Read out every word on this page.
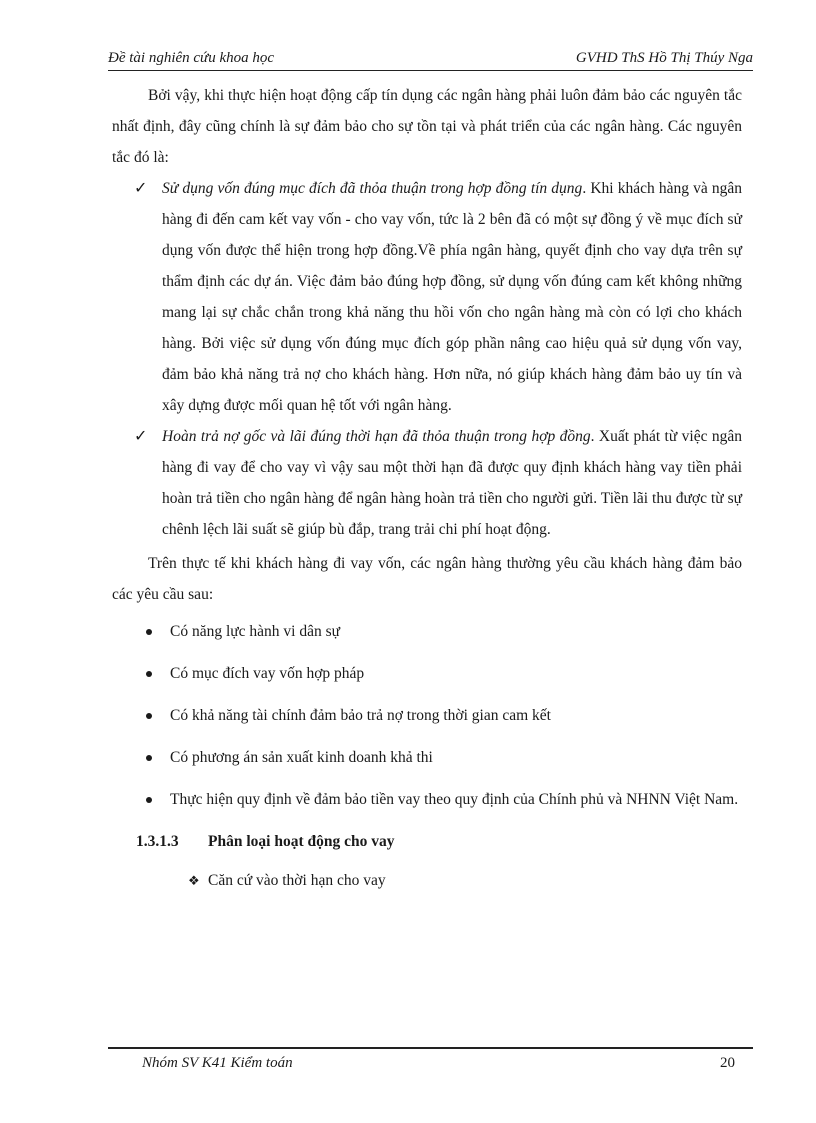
Đề tài nghiên cứu khoa học	GVHD ThS Hồ Thị Thúy Nga

Bởi vậy, khi thực hiện hoạt động cấp tín dụng các ngân hàng phải luôn đảm bảo các nguyên tắc nhất định, đây cũng chính là sự đảm bảo cho sự tồn tại và phát triển của các ngân hàng. Các nguyên tắc đó là:

✓ Sử dụng vốn đúng mục đích đã thỏa thuận trong hợp đồng tín dụng. Khi khách hàng và ngân hàng đi đến cam kết vay vốn - cho vay vốn, tức là 2 bên đã có một sự đồng ý về mục đích sử dụng vốn được thể hiện trong hợp đồng.Về phía ngân hàng, quyết định cho vay dựa trên sự thẩm định các dự án. Việc đảm bảo đúng hợp đồng, sử dụng vốn đúng cam kết không những mang lại sự chắc chắn trong khả năng thu hồi vốn cho ngân hàng mà còn có lợi cho khách hàng. Bởi việc sử dụng vốn đúng mục đích góp phần nâng cao hiệu quả sử dụng vốn vay, đảm bảo khả năng trả nợ cho khách hàng. Hơn nữa, nó giúp khách hàng đảm bảo uy tín và xây dựng được mối quan hệ tốt với ngân hàng.
✓ Hoàn trả nợ gốc và lãi đúng thời hạn đã thỏa thuận trong hợp đồng. Xuất phát từ việc ngân hàng đi vay để cho vay vì vậy sau một thời hạn đã được quy định khách hàng vay tiền phải hoàn trả tiền cho ngân hàng để ngân hàng hoàn trả tiền cho người gửi. Tiền lãi thu được từ sự chênh lệch lãi suất sẽ giúp bù đắp, trang trải chi phí hoạt động.

Trên thực tế khi khách hàng đi vay vốn, các ngân hàng thường yêu cầu khách hàng đảm bảo các yêu cầu sau:

Có năng lực hành vi dân sự
Có mục đích vay vốn hợp pháp
Có khả năng tài chính đảm bảo trả nợ trong thời gian cam kết
Có phương án sản xuất kinh doanh khả thi
Thực hiện quy định về đảm bảo tiền vay theo quy định của Chính phủ và NHNN Việt Nam.
1.3.1.3 Phân loại hoạt động cho vay
❖ Căn cứ vào thời hạn cho vay
Nhóm SV K41 Kiểm toán	20
